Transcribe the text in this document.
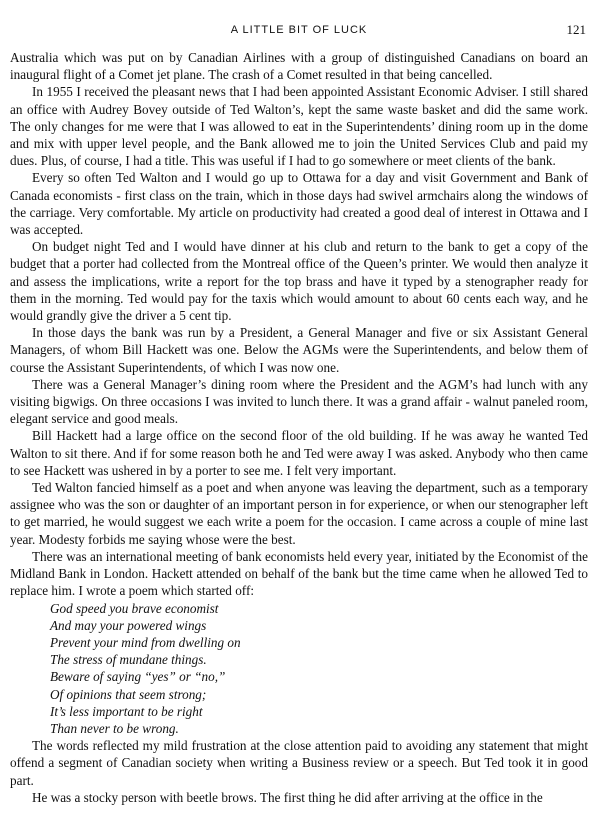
A LITTLE BIT OF LUCK	121

Australia which was put on by Canadian Airlines with a group of distinguished Canadians on board an inaugural flight of a Comet jet plane. The crash of a Comet resulted in that being cancelled.

In 1955 I received the pleasant news that I had been appointed Assistant Economic Adviser. I still shared an office with Audrey Bovey outside of Ted Walton’s, kept the same waste basket and did the same work. The only changes for me were that I was allowed to eat in the Superintendents’ dining room up in the dome and mix with upper level people, and the Bank allowed me to join the United Services Club and paid my dues. Plus, of course, I had a title. This was useful if I had to go somewhere or meet clients of the bank.

Every so often Ted Walton and I would go up to Ottawa for a day and visit Government and Bank of Canada economists - first class on the train, which in those days had swivel armchairs along the windows of the carriage. Very comfortable. My article on productivity had created a good deal of interest in Ottawa and I was accepted.

On budget night Ted and I would have dinner at his club and return to the bank to get a copy of the budget that a porter had collected from the Montreal office of the Queen’s printer. We would then analyze it and assess the implications, write a report for the top brass and have it typed by a stenographer ready for them in the morning. Ted would pay for the taxis which would amount to about 60 cents each way, and he would grandly give the driver a 5 cent tip.

In those days the bank was run by a President, a General Manager and five or six Assistant General Managers, of whom Bill Hackett was one. Below the AGMs were the Superintendents, and below them of course the Assistant Superintendents, of which I was now one.

There was a General Manager’s dining room where the President and the AGM’s had lunch with any visiting bigwigs. On three occasions I was invited to lunch there. It was a grand affair - walnut paneled room, elegant service and good meals.

Bill Hackett had a large office on the second floor of the old building. If he was away he wanted Ted Walton to sit there. And if for some reason both he and Ted were away I was asked. Anybody who then came to see Hackett was ushered in by a porter to see me. I felt very important.

Ted Walton fancied himself as a poet and when anyone was leaving the department, such as a temporary assignee who was the son or daughter of an important person in for experience, or when our stenographer left to get married, he would suggest we each write a poem for the occasion. I came across a couple of mine last year. Modesty forbids me saying whose were the best.

There was an international meeting of bank economists held every year, initiated by the Economist of the Midland Bank in London. Hackett attended on behalf of the bank but the time came when he allowed Ted to replace him. I wrote a poem which started off:

God speed you brave economist
And may your powered wings
Prevent your mind from dwelling on
The stress of mundane things.
Beware of saying “yes” or “no,”
Of opinions that seem strong;
It’s less important to be right
Than never to be wrong.

The words reflected my mild frustration at the close attention paid to avoiding any statement that might offend a segment of Canadian society when writing a Business review or a speech. But Ted took it in good part.

He was a stocky person with beetle brows. The first thing he did after arriving at the office in the
